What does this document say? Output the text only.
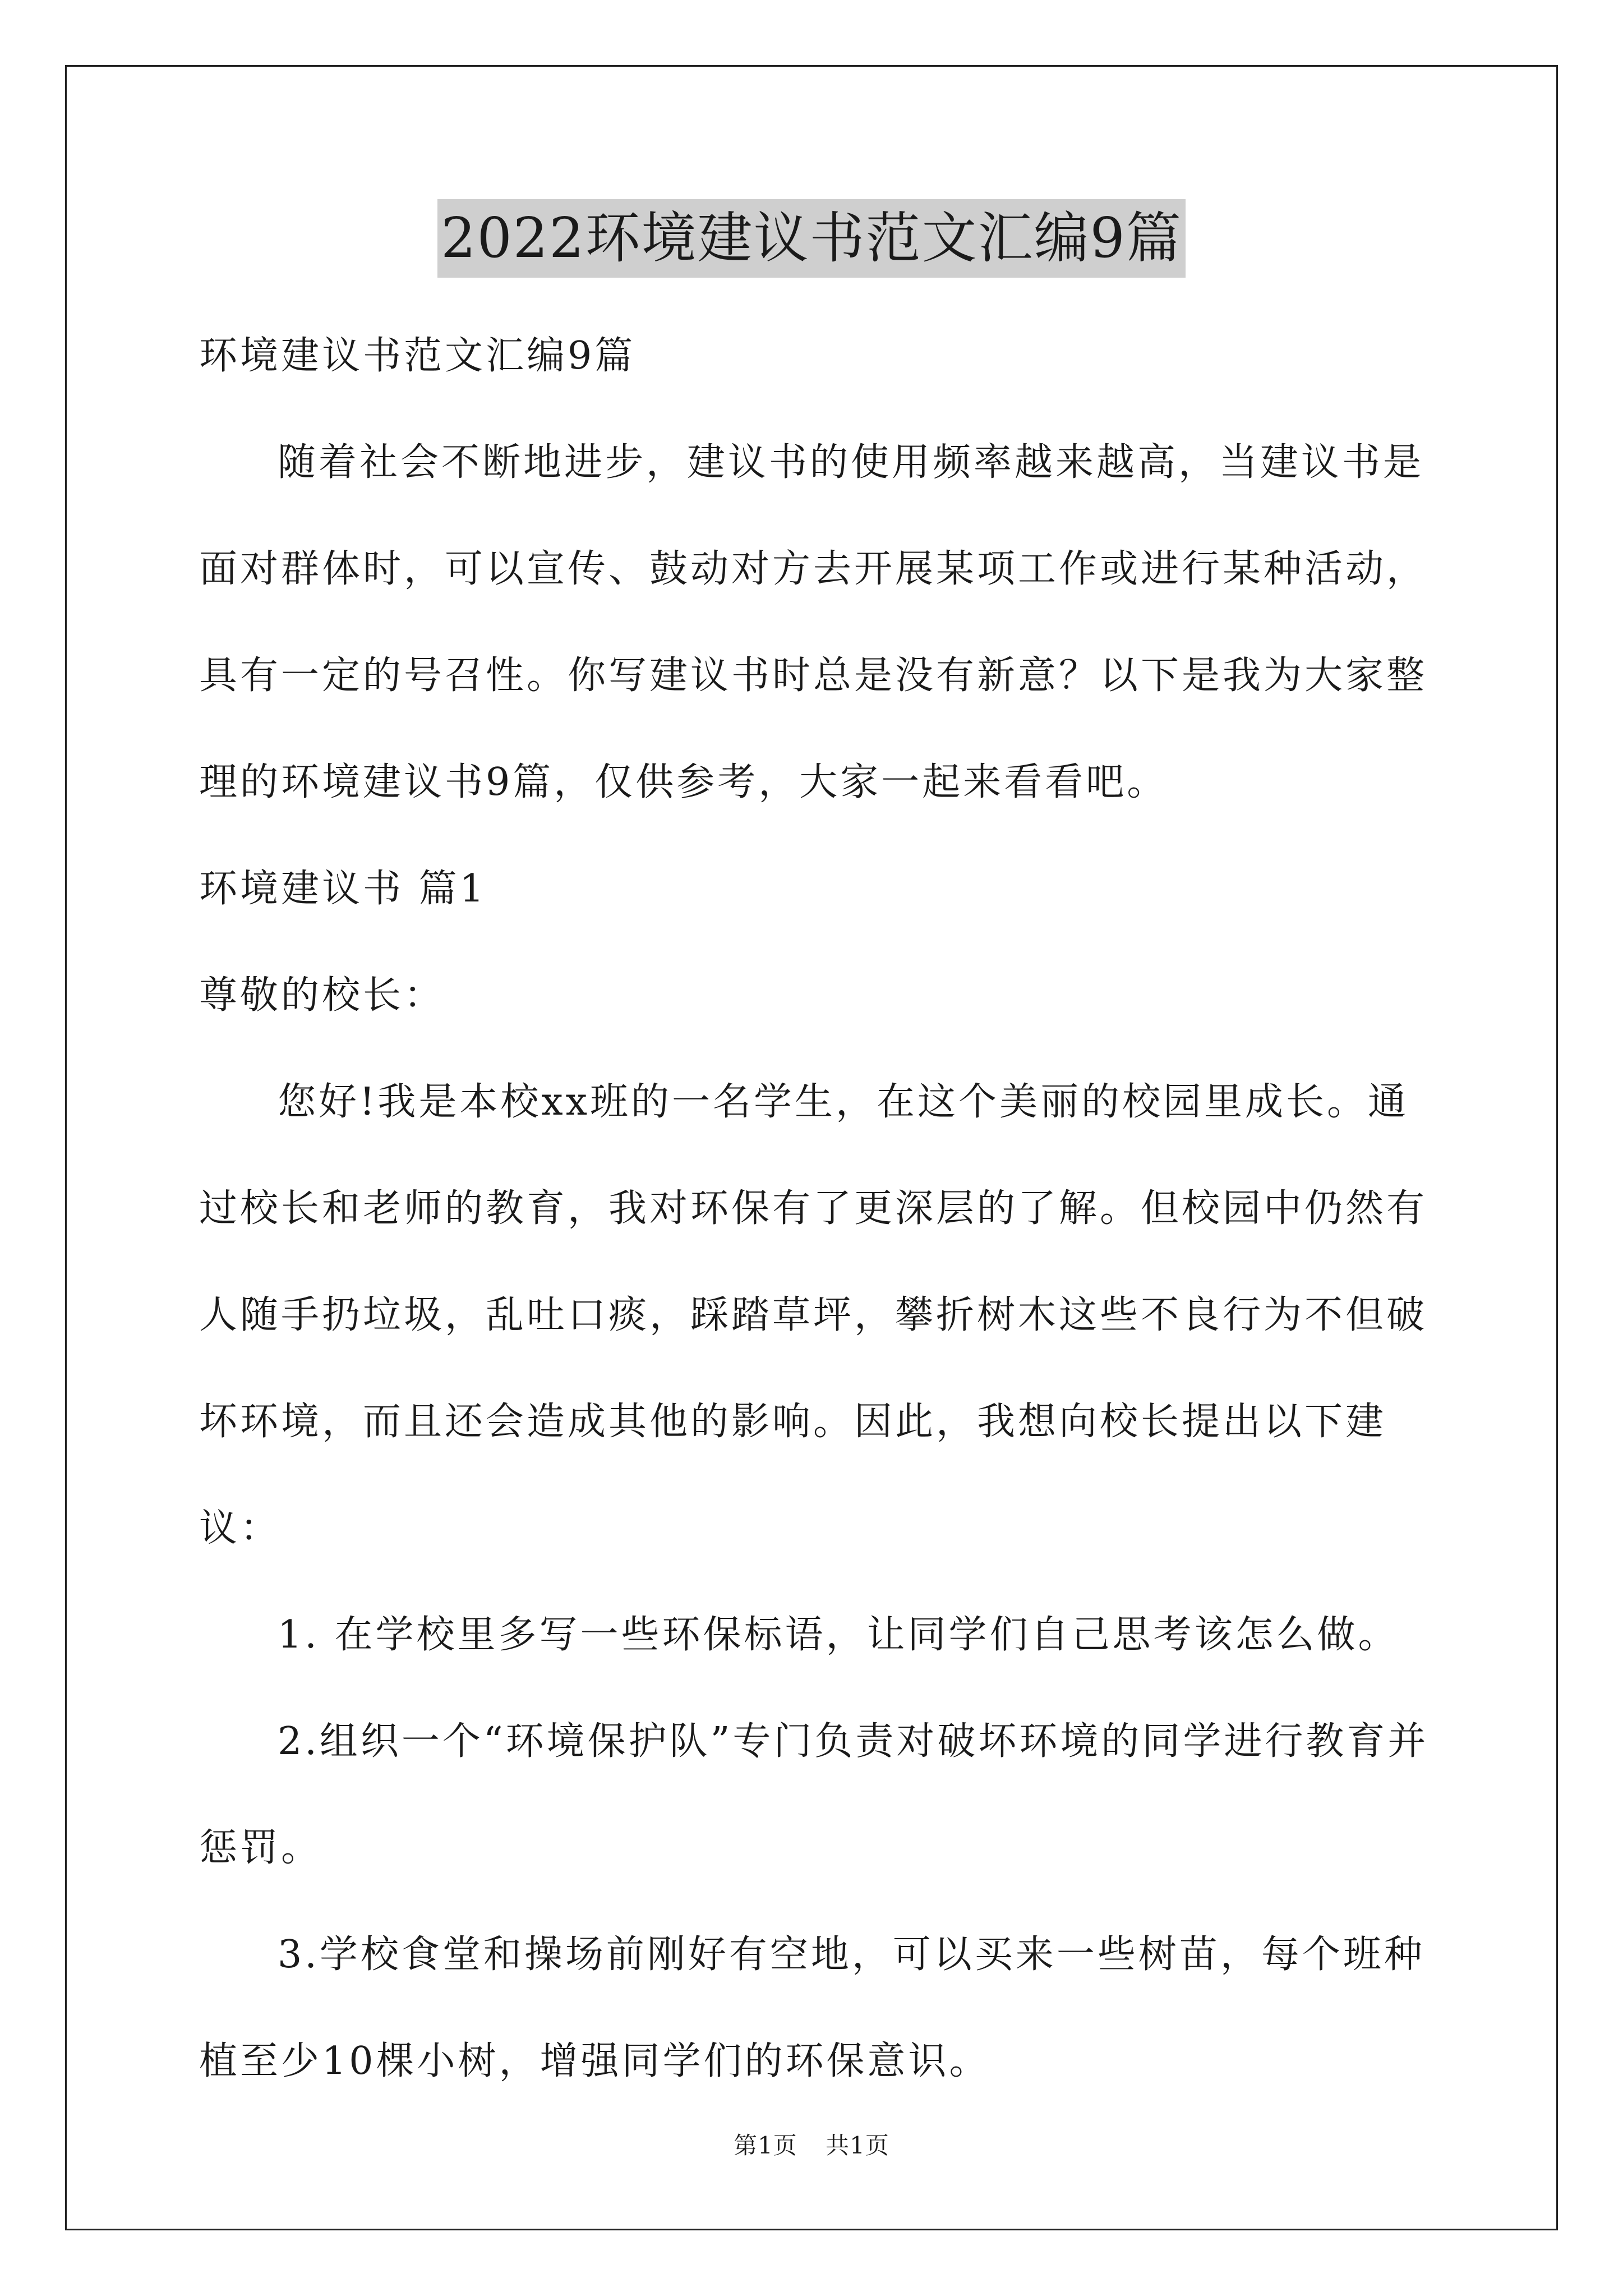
2022环境建议书范文汇编9篇

环境建议书范文汇编9篇

随着社会不断地进步，建议书的使用频率越来越高，当建议书是面对群体时，可以宣传、鼓动对方去开展某项工作或进行某种活动，具有一定的号召性。你写建议书时总是没有新意？以下是我为大家整理的环境建议书9篇，仅供参考，大家一起来看看吧。

环境建议书 篇1

尊敬的校长：

您好!我是本校xx班的一名学生，在这个美丽的校园里成长。通过校长和老师的教育，我对环保有了更深层的了解。但校园中仍然有人随手扔垃圾，乱吐口痰，踩踏草坪，攀折树木这些不良行为不但破坏环境，而且还会造成其他的影响。因此，我想向校长提出以下建议：

1. 在学校里多写一些环保标语，让同学们自己思考该怎么做。

2.组织一个“环境保护队”专门负责对破坏环境的同学进行教育并惩罚。

3.学校食堂和操场前刚好有空地，可以买来一些树苗，每个班种植至少10棵小树，增强同学们的环保意识。

第1页 共1页
